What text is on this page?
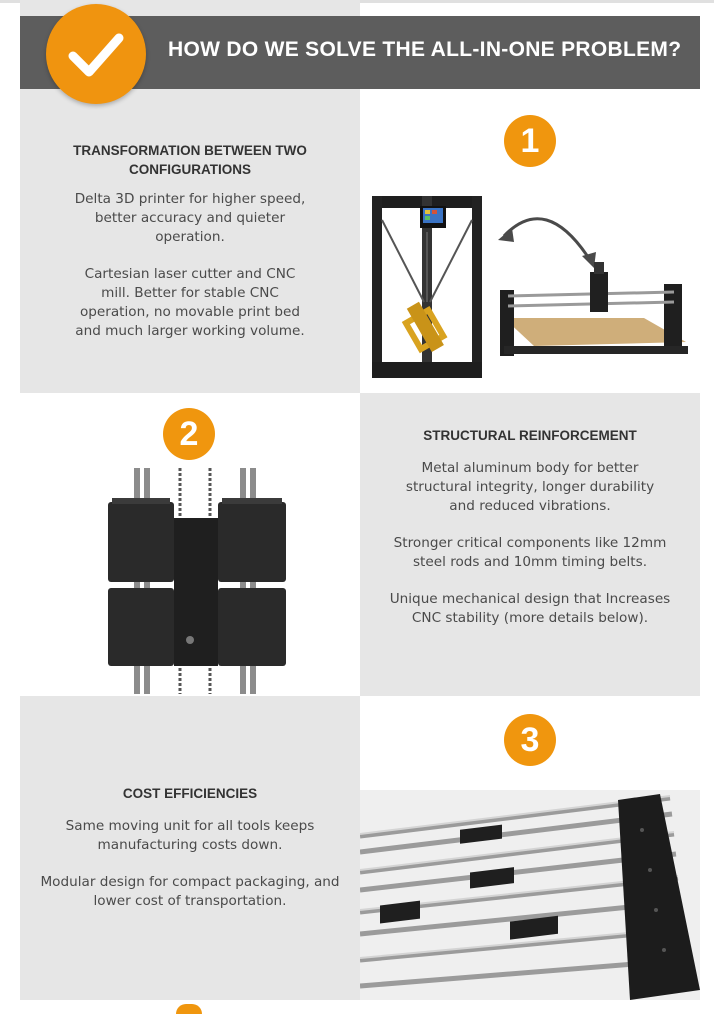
HOW DO WE SOLVE THE ALL-IN-ONE PROBLEM?
TRANSFORMATION BETWEEN TWO CONFIGURATIONS

Delta 3D printer for higher speed, better accuracy and quieter operation.

Cartesian laser cutter and CNC mill. Better for stable CNC operation, no movable print bed and much larger working volume.

1
2	STRUCTURAL REINFORCEMENT

Metal aluminum body for better structural integrity, longer durability and reduced vibrations.

Stronger critical components like 12mm steel rods and 10mm timing belts.

Unique mechanical design that Increases CNC stability (more details below).

COST EFFICIENCIES

Same moving unit for all tools keeps manufacturing costs down.

Modular design for compact packaging, and lower cost of transportation.

3
